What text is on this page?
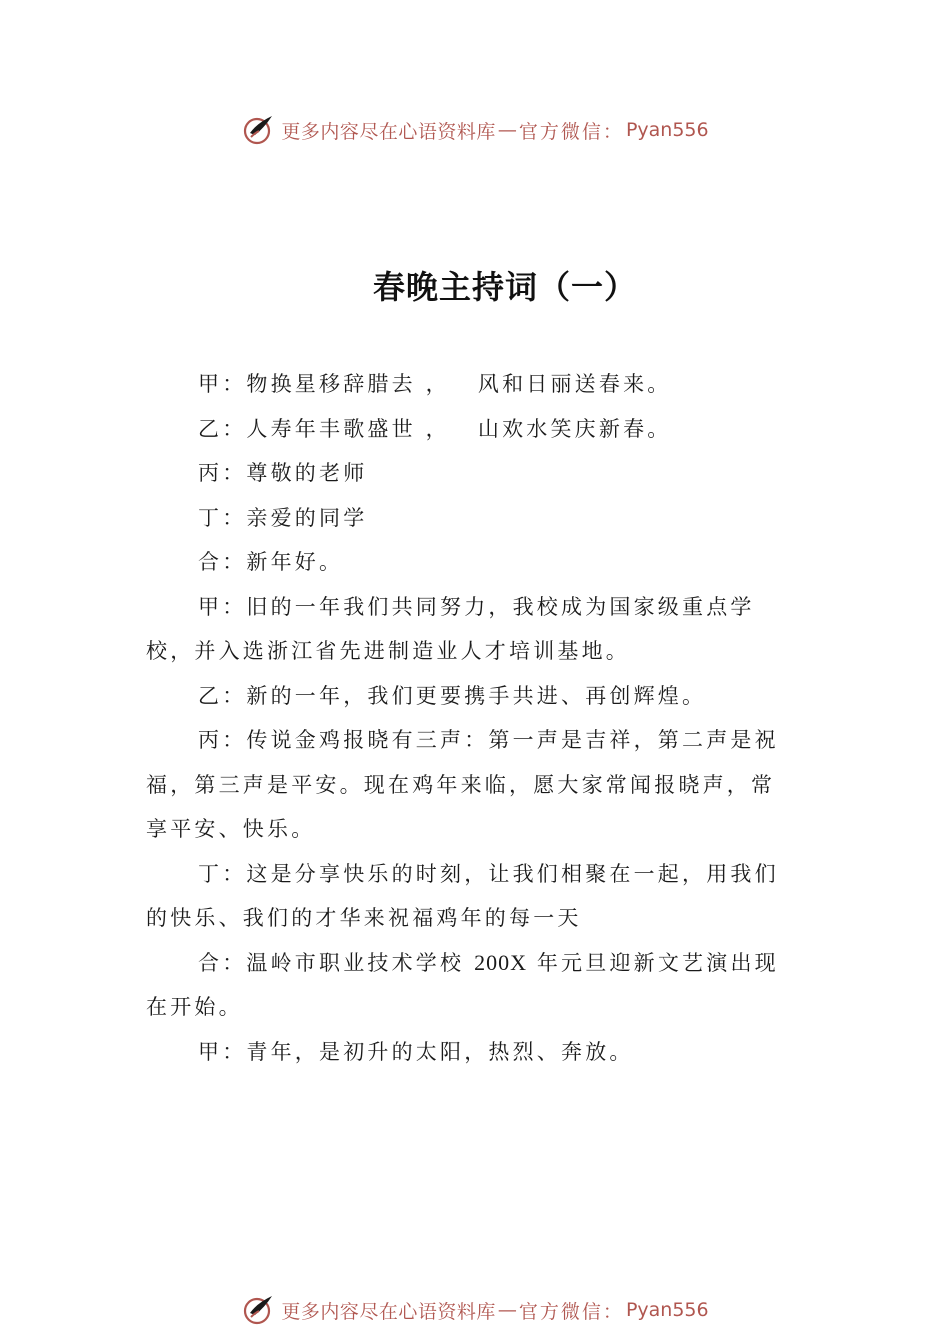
更多内容尽在心语资料库 — 官方微信： Pyan556
春晚主持词（一）

甲：物换星移辞腊去 ， 风和日丽送春来。

乙：人寿年丰歌盛世 ， 山欢水笑庆新春。

丙：尊敬的老师

丁：亲爱的同学

合：新年好。

甲：旧的一年我们共同努力，我校成为国家级重点学校，并入选浙江省先进制造业人才培训基地。

乙：新的一年，我们更要携手共进、再创辉煌。

丙：传说金鸡报晓有三声：第一声是吉祥，第二声是祝福，第三声是平安。现在鸡年来临，愿大家常闻报晓声，常享平安、快乐。

丁：这是分享快乐的时刻，让我们相聚在一起，用我们的快乐、我们的才华来祝福鸡年的每一天

合：温岭市职业技术学校 200X 年元旦迎新文艺演出现在开始。

甲：青年，是初升的太阳，热烈、奔放。

更多内容尽在心语资料库 — 官方微信： Pyan556
